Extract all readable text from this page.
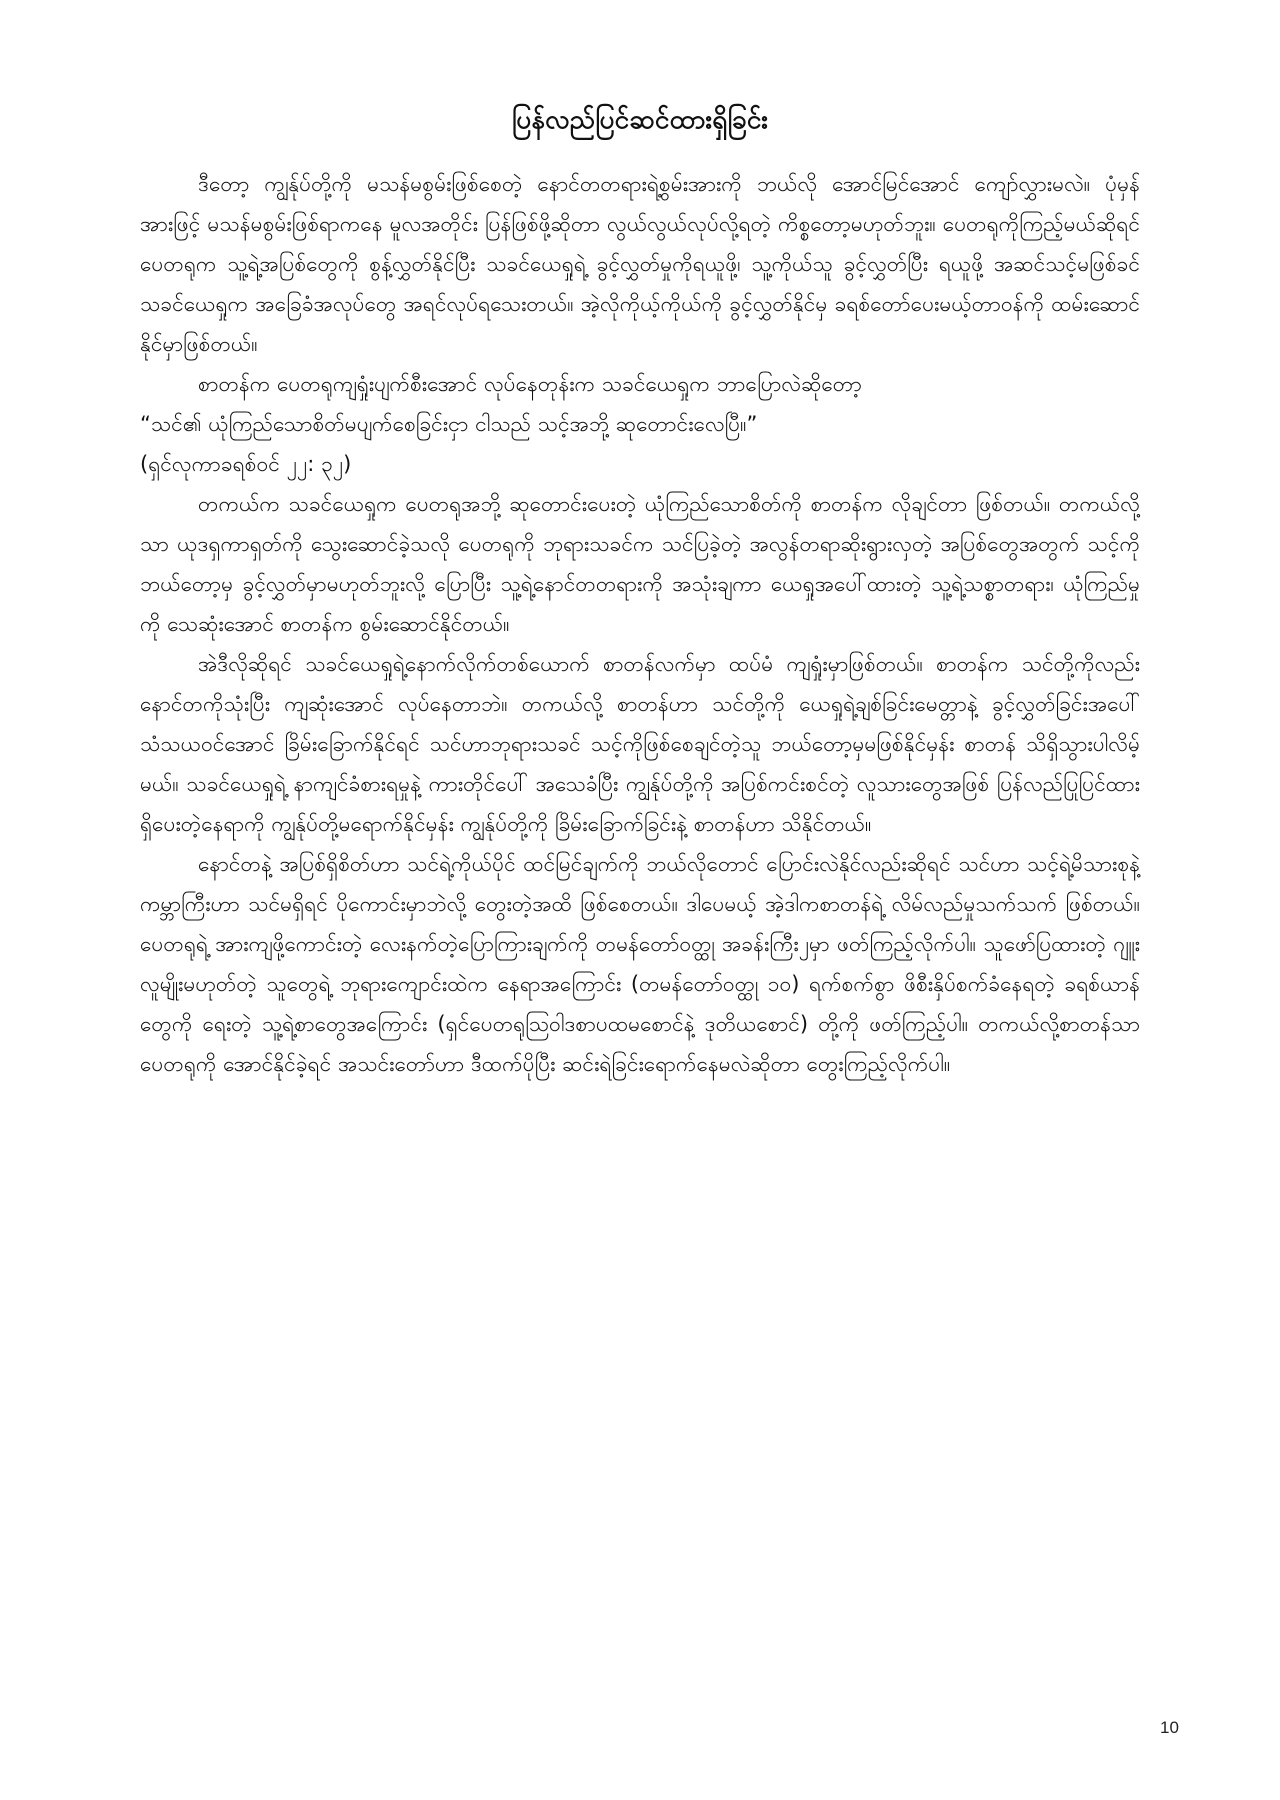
ပြန်လည်ပြင်ဆင်ထားရှိခြင်း

ဒီတော့ ကျွန်ုပ်တို့ကို မသန်မစွမ်းဖြစ်စေတဲ့ နောင်တတရားရဲ့စွမ်းအားကို ဘယ်လို အောင်မြင်အောင် ကျော်လွှားမလဲ။ ပုံမှန်အားဖြင့် မသန်မစွမ်းဖြစ်ရာကနေ မူလအတိုင်း ပြန်ဖြစ်ဖို့ဆိုတာ လွယ်လွယ်လုပ်လို့ရတဲ့ ကိစ္စတော့မဟုတ်ဘူး။ ပေတရုကိုကြည့်မယ်ဆိုရင် ပေတရုက သူ့ရဲ့အပြစ်တွေကို စွန့်လွှတ်နိုင်ပြီး သခင်ယေရှုရဲ့ ခွင့်လွှတ်မှုကိုရယူဖို့၊ သူ့ကိုယ်သူ ခွင့်လွှတ်ပြီး ရယူဖို့ အဆင်သင့်မဖြစ်ခင် သခင်ယေရှုက အခြေခံအလုပ်တွေ အရင်လုပ်ရသေးတယ်။ အဲ့လိုကိုယ့်ကိုယ်ကို ခွင့်လွှတ်နိုင်မှ ခရစ်တော်ပေးမယ့်တာဝန်ကို ထမ်းဆောင်နိုင်မှာဖြစ်တယ်။

စာတန်က ပေတရုကျရှုံးပျက်စီးအောင် လုပ်နေတုန်းက သခင်ယေရှုက ဘာပြောလဲဆိုတော့

“သင်၏ ယုံကြည်သောစိတ်မပျက်စေခြင်းငှာ ငါသည် သင့်အဘို့ ဆုတောင်းလေပြီ။”

(ရှင်လုကာခရစ်ဝင် ၂၂: ၃၂)

တကယ်က သခင်ယေရှုက ပေတရုအဘို့ ဆုတောင်းပေးတဲ့ ယုံကြည်သောစိတ်ကို စာတန်က လိုချင်တာ ဖြစ်တယ်။ တကယ်လို့သာ ယုဒရှကာရှတ်ကို သွေးဆောင်ခဲ့သလို ပေတရုကို ဘုရားသခင်က သင်ပြခဲ့တဲ့ အလွန်တရာဆိုးရွားလှတဲ့ အပြစ်တွေအတွက် သင့်ကို ဘယ်တော့မှ ခွင့်လွှတ်မှာမဟုတ်ဘူးလို့ ပြောပြီး သူ့ရဲ့နောင်တတရားကို အသုံးချကာ ယေရှုအပေါ်ထားတဲ့ သူ့ရဲ့သစ္စာတရား၊ ယုံကြည်မှုကို သေဆုံးအောင် စာတန်က စွမ်းဆောင်နိုင်တယ်။

အဲဒီလိုဆိုရင် သခင်ယေရှုရဲ့နောက်လိုက်တစ်ယောက် စာတန်လက်မှာ ထပ်မံ ကျရှုံးမှာဖြစ်တယ်။ စာတန်က သင်တို့ကိုလည်း နောင်တကိုသုံးပြီး ကျဆုံးအောင် လုပ်နေတာဘဲ။ တကယ်လို့ စာတန်ဟာ သင်တို့ကို ယေရှုရဲ့ချစ်ခြင်းမေတ္တာနဲ့ ခွင့်လွှတ်ခြင်းအပေါ် သံသယဝင်အောင် ခြိမ်းခြောက်နိုင်ရင် သင်ဟာဘုရားသခင် သင့်ကိုဖြစ်စေချင်တဲ့သူ ဘယ်တော့မှမဖြစ်နိုင်မှန်း စာတန် သိရှိသွားပါလိမ့်မယ်။ သခင်ယေရှုရဲ့ နာကျင်ခံစားရမှုနဲ့ ကားတိုင်ပေါ် အသေခံပြီး ကျွန်ုပ်တို့ကို အပြစ်ကင်းစင်တဲ့ လူသားတွေအဖြစ် ပြန်လည်ပြုပြင်ထားရှိပေးတဲ့နေရာကို ကျွန်ုပ်တို့မရောက်နိုင်မှန်း ကျွန်ုပ်တို့ကို ခြိမ်းခြောက်ခြင်းနဲ့ စာတန်ဟာ သိနိုင်တယ်။

နောင်တနဲ့ အပြစ်ရှိစိတ်ဟာ သင်ရဲ့ကိုယ်ပိုင် ထင်မြင်ချက်ကို ဘယ်လိုတောင် ပြောင်းလဲနိုင်လည်းဆိုရင် သင်ဟာ သင့်ရဲ့မိသားစုနဲ့ ကမ္ဘာကြီးဟာ သင်မရှိရင် ပိုကောင်းမှာဘဲလို့ တွေးတဲ့အထိ ဖြစ်စေတယ်။ ဒါပေမယ့် အဲ့ဒါကစာတန်ရဲ့ လိမ်လည်မှုသက်သက် ဖြစ်တယ်။ ပေတရုရဲ့ အားကျဖို့ကောင်းတဲ့ လေးနက်တဲ့ပြောကြားချက်ကို တမန်တော်ဝတ္ထု အခန်းကြီး၂မှာ ဖတ်ကြည့်လိုက်ပါ။ သူဖော်ပြထားတဲ့ ဂျူးလူမျိုးမဟုတ်တဲ့ သူတွေရဲ့ ဘုရားကျောင်းထဲက နေရာအကြောင်း (တမန်တော်ဝတ္ထု ၁၀) ရက်စက်စွာ ဖိစီးနှိပ်စက်ခံနေရတဲ့ ခရစ်ယာန်တွေကို ရေးတဲ့ သူ့ရဲ့စာတွေအကြောင်း (ရှင်ပေတရုဩဝါဒစာပထမစောင်နဲ့ ဒုတိယစောင်) တို့ကို ဖတ်ကြည့်ပါ။ တကယ်လို့စာတန်သာ ပေတရုကို အောင်နိုင်ခဲ့ရင် အသင်းတော်ဟာ ဒီထက်ပိုပြီး ဆင်းရဲခြင်းရောက်နေမလဲဆိုတာ တွေးကြည့်လိုက်ပါ။

10
